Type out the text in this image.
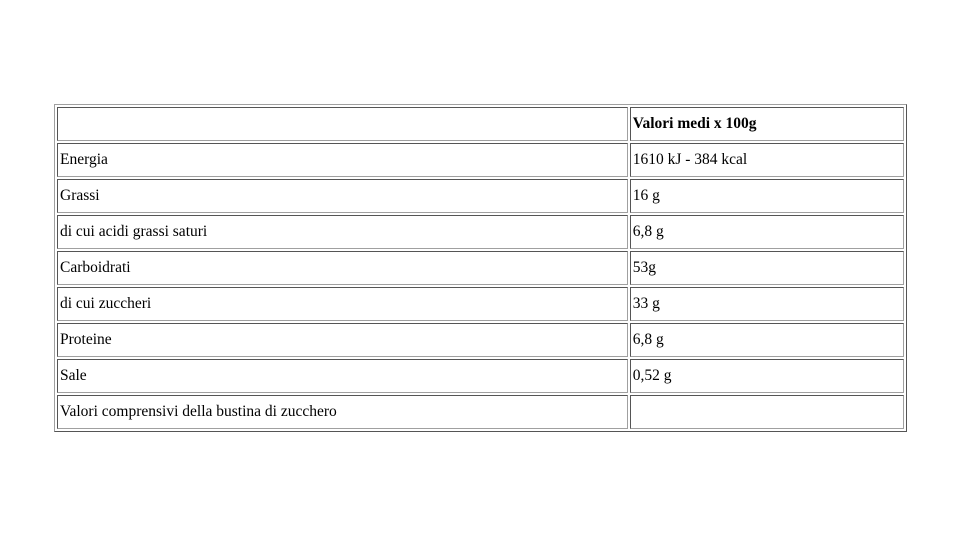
	Valori medi x 100g
Energia	1610 kJ - 384 kcal
Grassi	16 g
di cui acidi grassi saturi	6,8 g
Carboidrati	53g
di cui zuccheri	33 g
Proteine	6,8 g
Sale	0,52 g
Valori comprensivi della bustina di zucchero	
